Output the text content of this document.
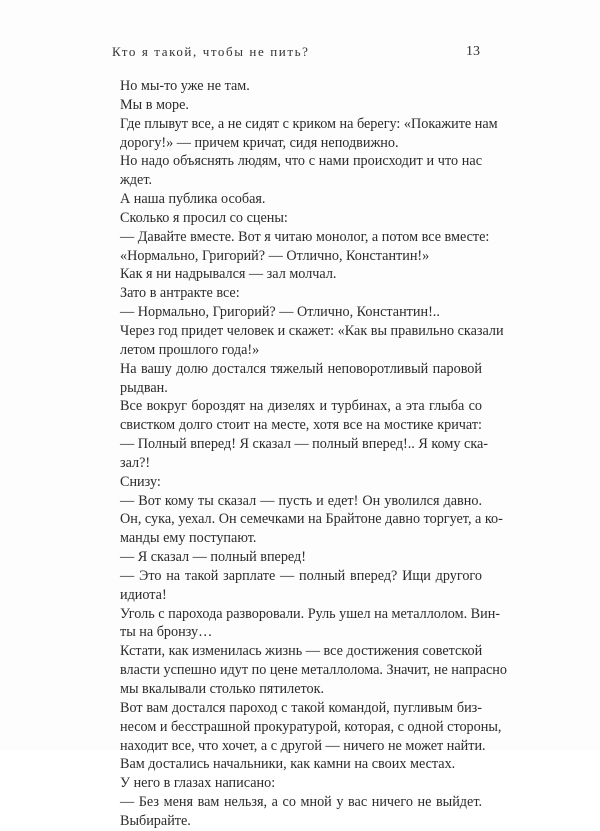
Кто я такой, чтобы не пить?	13
Но мы-то уже не там.
Мы в море.
Где плывут все, а не сидят с криком на берегу: «Покажите нам
дорогу!» — причем кричат, сидя неподвижно.
Но надо объяснять людям, что с нами происходит и что нас
ждет.
А наша публика особая.
Сколько я просил со сцены:
— Давайте вместе. Вот я читаю монолог, а потом все вместе:
«Нормально, Григорий? — Отлично, Константин!»
Как я ни надрывался — зал молчал.
Зато в антракте все:
— Нормально, Григорий? — Отлично, Константин!..
Через год придет человек и скажет: «Как вы правильно сказали
летом прошлого года!»
На вашу долю достался тяжелый неповоротливый паровой
рыдван.
Все вокруг бороздят на дизелях и турбинах, а эта глыба со
свистком долго стоит на месте, хотя все на мостике кричат:
— Полный вперед! Я сказал — полный вперед!.. Я кому ска-
зал?!
Снизу:
— Вот кому ты сказал — пусть и едет! Он уволился давно.
Он, сука, уехал. Он семечками на Брайтоне давно торгует, а ко-
манды ему поступают.
— Я сказал — полный вперед!
— Это на такой зарплате — полный вперед? Ищи другого
идиота!
Уголь с парохода разворовали. Руль ушел на металлолом. Вин-
ты на бронзу…
Кстати, как изменилась жизнь — все достижения советской
власти успешно идут по цене металлолома. Значит, не напрасно
мы вкалывали столько пятилеток.
Вот вам достался пароход с такой командой, пугливым биз-
несом и бесстрашной прокуратурой, которая, с одной стороны,
находит все, что хочет, а с другой — ничего не может найти.
Вам достались начальники, как камни на своих местах.
У него в глазах написано:
— Без меня вам нельзя, а со мной у вас ничего не выйдет.
Выбирайте.
